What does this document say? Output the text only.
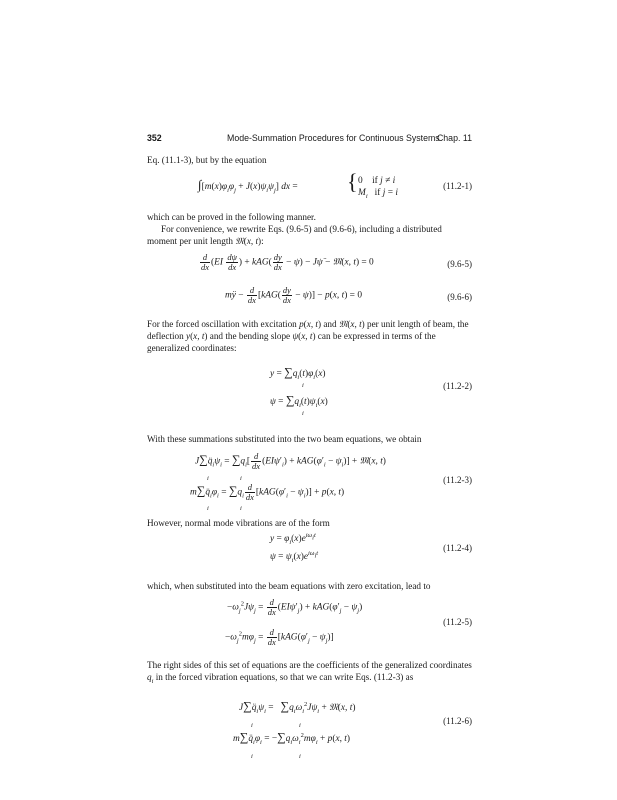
352	Mode-Summation Procedures for Continuous Systems
Chap. 11
Eq. (11.1-3), but by the equation
$\int[m(x)\varphi_i\varphi_j + J(x)\psi_i\psi_j]$ dx = { 0    if j ≠ i
$M_i$   if j = i
(11.2-1)
which can be proved in the following manner.
For convenience, we rewrite Eqs. (9.6-5) and (9.6-6), including a distributed moment per unit length 𝔐(x, t):
$\frac{d}{dx} (EI \frac{d\psi}{dx}$ ) + $kAG( \frac{dy}{dx} - \psi)$ − Jψ̈ − 𝔐(x, t) = 0	(9.6-5)
mÿ − $\frac{d}{dx} [kAG( \frac{dy}{dx} - \psi)] - p(x$, t) = 0	(9.6-6)
For the forced oscillation with excitation p(x, t) and 𝔐(x, t) per unit length of beam, the deflection y(x, t) and the bending slope ψ(x, t) can be expressed in terms of the generalized coordinates:
$y = \sum q_i(t)\varphi_i(x)$
i
$\psi = \sum q_i(t)\psi_i(x)$
i
(11.2-2)
With these summations substituted into the two beam equations, we obtain
$J\sum q̈_i\psi_i = \sum q_i[ \frac{d}{dx} (EI\psi'_i) + kAG(\varphi'_i - \psi_i)]$ + 𝔐(x, t)
i	i
$m\sum q̈_i\varphi_i = \sum q_i \frac{d}{dx} [kAG(\varphi'_i - \psi_i)] + p(x$, t)
i	i
(11.2-3)
However, normal mode vibrations are of the form
$y = \varphi_i(x)e^{i\omega_it}$
$\psi = \psi_i(x)e^{i\omega_it}$
(11.2-4)
which, when substituted into the beam equations with zero excitation, lead to
$-\omega_j^2J\psi_j = \frac{d}{dx} (EI\psi'_j) + kAG(\varphi'_j - \psi_j)$
$-\omega_j^2m\varphi_j = \frac{d}{dx} [kAG(\varphi'_j - \psi_j)]$
(11.2-5)
The right sides of this set of equations are the coefficients of the generalized coordinates $q_i$ in the forced vibration equations, so that we can write Eqs. (11.2-3) as
$J\sum q̈_i\psi_i = \sum q_i\omega_i^2J\psi_i$ + 𝔐(x, t)
i	i
$m\sum q̈_i\varphi_i = -\sum q_i\omega_i^2m\varphi_i + p(x$, t)
i	i
(11.2-6)
